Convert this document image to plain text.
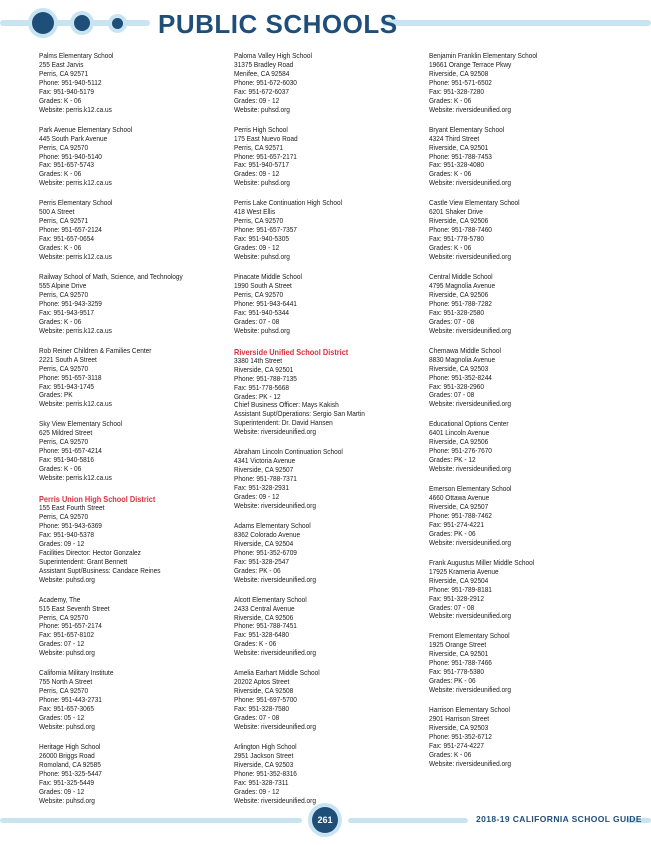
PUBLIC SCHOOLS
Palms Elementary School
255 East Jarvis
Perris, CA 92571
Phone: 951-940-5112
Fax: 951-940-5179
Grades: K - 06
Website: perris.k12.ca.us
Park Avenue Elementary School
445 South Park Avenue
Perris, CA 92570
Phone: 951-940-5140
Fax: 951-657-5743
Grades: K - 06
Website: perris.k12.ca.us
Perris Elementary School
500 A Street
Perris, CA 92571
Phone: 951-657-2124
Fax: 951-657-0654
Grades: K - 06
Website: perris.k12.ca.us
Railway School of Math, Science, and Technology
555 Alpine Drive
Perris, CA 92570
Phone: 951-943-3259
Fax: 951-943-9517
Grades: K - 06
Website: perris.k12.ca.us
Rob Reiner Children & Families Center
2221 South A Street
Perris, CA 92570
Phone: 951-657-3118
Fax: 951-943-1745
Grades: PK
Website: perris.k12.ca.us
Sky View Elementary School
625 Mildred Street
Perris, CA 92570
Phone: 951-657-4214
Fax: 951-940-5816
Grades: K - 06
Website: perris.k12.ca.us
Perris Union High School District
155 East Fourth Street
Perris, CA 92570
Phone: 951-943-6369
Fax: 951-940-5378
Grades: 09 - 12
Facilities Director: Hector Gonzalez
Superintendent: Grant Bennett
Assistant Supt/Business: Candace Reines
Website: puhsd.org
Academy, The
515 East Seventh Street
Perris, CA 92570
Phone: 951-657-2174
Fax: 951-657-8102
Grades: 07 - 12
Website: puhsd.org
California Military Institute
755 North A Street
Perris, CA 92570
Phone: 951-443-2731
Fax: 951-657-3065
Grades: 05 - 12
Website: puhsd.org
Heritage High School
26000 Briggs Road
Romoland, CA 92585
Phone: 951-325-5447
Fax: 951-325-5449
Grades: 09 - 12
Website: puhsd.org
Paloma Valley High School
31375 Bradley Road
Menifee, CA 92584
Phone: 951-672-6030
Fax: 951-672-6037
Grades: 09 - 12
Website: puhsd.org
Perris High School
175 East Nuevo Road
Perris, CA 92571
Phone: 951-657-2171
Fax: 951-940-5717
Grades: 09 - 12
Website: puhsd.org
Perris Lake Continuation High School
418 West Ellis
Perris, CA 92570
Phone: 951-657-7357
Fax: 951-940-5305
Grades: 09 - 12
Website: puhsd.org
Pinacate Middle School
1990 South A Street
Perris, CA 92570
Phone: 951-943-6441
Fax: 951-940-5344
Grades: 07 - 08
Website: puhsd.org
Riverside Unified School District
3380 14th Street
Riverside, CA 92501
Phone: 951-788-7135
Fax: 951-778-5668
Grades: PK - 12
Chief Business Officer: Mays Kakish
Assistant Supt/Operations: Sergio San Martin
Superintendent: Dr. David Hansen
Website: riversideunified.org
Abraham Lincoln Continuation School
4341 Victoria Avenue
Riverside, CA 92507
Phone: 951-788-7371
Fax: 951-328-2931
Grades: 09 - 12
Website: riversideunified.org
Adams Elementary School
8362 Colorado Avenue
Riverside, CA 92504
Phone: 951-352-6709
Fax: 951-328-2547
Grades: PK - 06
Website: riversideunified.org
Alcott Elementary School
2433 Central Avenue
Riverside, CA 92506
Phone: 951-788-7451
Fax: 951-328-6480
Grades: K - 06
Website: riversideunified.org
Amelia Earhart Middle School
20202 Aptos Street
Riverside, CA 92508
Phone: 951-697-5700
Fax: 951-328-7580
Grades: 07 - 08
Website: riversideunified.org
Arlington High School
2951 Jackson Street
Riverside, CA 92503
Phone: 951-352-8316
Fax: 951-328-7311
Grades: 09 - 12
Website: riversideunified.org
Benjamin Franklin Elementary School
19661 Orange Terrace Pkwy
Riverside, CA 92508
Phone: 951-571-6502
Fax: 951-328-7280
Grades: K - 06
Website: riversideunified.org
Bryant Elementary School
4324 Third Street
Riverside, CA 92501
Phone: 951-788-7453
Fax: 951-328-4080
Grades: K - 06
Website: riversideunified.org
Castle View Elementary School
6201 Shaker Drive
Riverside, CA 92506
Phone: 951-788-7460
Fax: 951-778-5780
Grades: K - 06
Website: riversideunified.org
Central Middle School
4795 Magnolia Avenue
Riverside, CA 92506
Phone: 951-788-7282
Fax: 951-328-2580
Grades: 07 - 08
Website: riversideunified.org
Chemawa Middle School
8830 Magnolia Avenue
Riverside, CA 92503
Phone: 951-352-8244
Fax: 951-328-2960
Grades: 07 - 08
Website: riversideunified.org
Educational Options Center
6401 Lincoln Avenue
Riverside, CA 92506
Phone: 951-276-7670
Grades: PK - 12
Website: riversideunified.org
Emerson Elementary School
4660 Ottawa Avenue
Riverside, CA 92507
Phone: 951-788-7462
Fax: 951-274-4221
Grades: PK - 06
Website: riversideunified.org
Frank Augustus Miller Middle School
17925 Krameria Avenue
Riverside, CA 92504
Phone: 951-789-8181
Fax: 951-328-2912
Grades: 07 - 08
Website: riversideunified.org
Fremont Elementary School
1925 Orange Street
Riverside, CA 92501
Phone: 951-788-7466
Fax: 951-778-5380
Grades: PK - 06
Website: riversideunified.org
Harrison Elementary School
2901 Harrison Street
Riverside, CA 92503
Phone: 951-352-6712
Fax: 951-274-4227
Grades: K - 06
Website: riversideunified.org
261	2018-19 CALIFORNIA SCHOOL GUIDE
